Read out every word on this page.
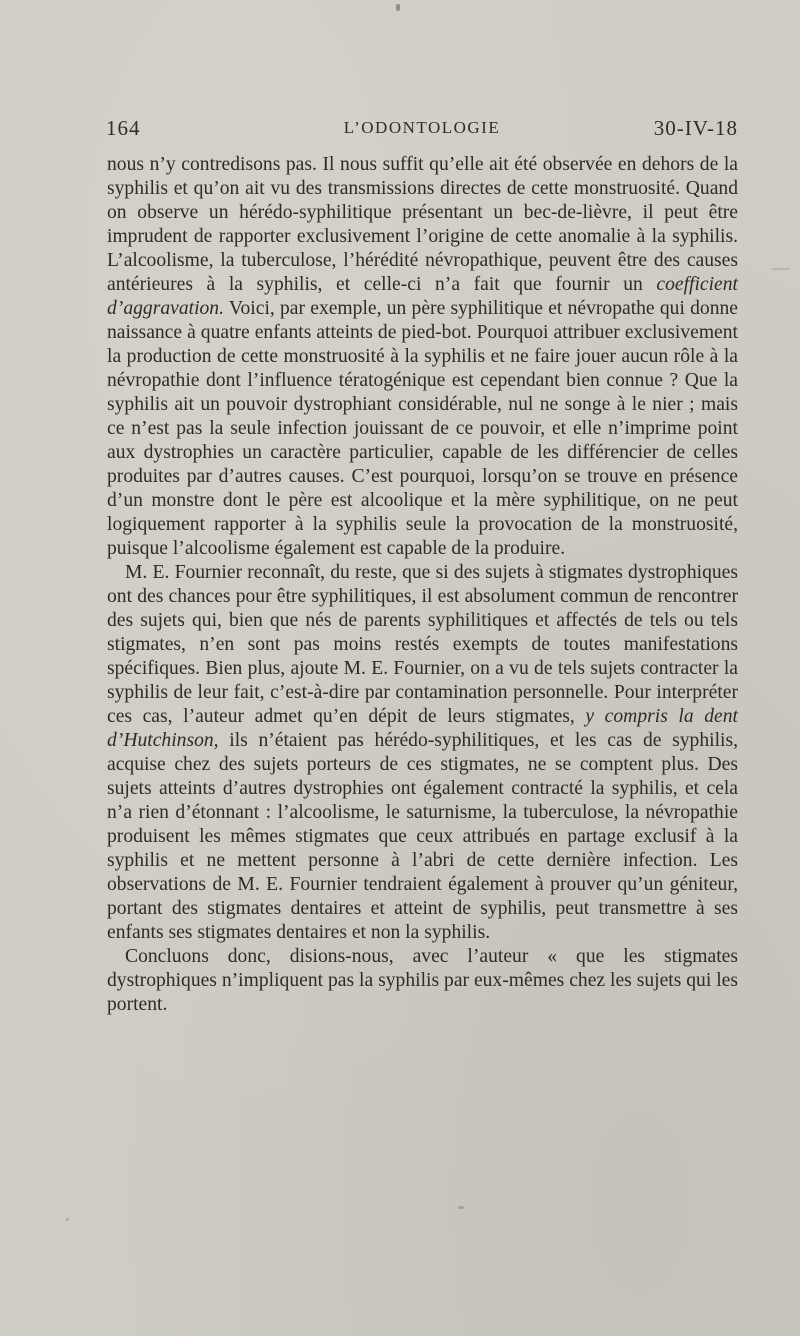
164	L’ODONTOLOGIE	30-IV-18

nous n’y contredisons pas. Il nous suffit qu’elle ait été observée en dehors de la syphilis et qu’on ait vu des transmissions directes de cette monstruosité. Quand on observe un hérédo-syphilitique présentant un bec-de-lièvre, il peut être imprudent de rapporter exclusivement l’origine de cette anomalie à la syphilis. L’alcoolisme, la tuberculose, l’hérédité névropathique, peuvent être des causes antérieures à la syphilis, et celle-ci n’a fait que fournir un coefficient d’aggravation. Voici, par exemple, un père syphilitique et névropathe qui donne naissance à quatre enfants atteints de pied-bot. Pourquoi attribuer exclusivement la production de cette monstruosité à la syphilis et ne faire jouer aucun rôle à la névropathie dont l’influence tératogénique est cependant bien connue ? Que la syphilis ait un pouvoir dystrophiant considérable, nul ne songe à le nier ; mais ce n’est pas la seule infection jouissant de ce pouvoir, et elle n’imprime point aux dystrophies un caractère particulier, capable de les différencier de celles produites par d’autres causes. C’est pourquoi, lorsqu’on se trouve en présence d’un monstre dont le père est alcoolique et la mère syphilitique, on ne peut logiquement rapporter à la syphilis seule la provocation de la monstruosité, puisque l’alcoolisme également est capable de la produire.

M. E. Fournier reconnaît, du reste, que si des sujets à stigmates dystrophiques ont des chances pour être syphilitiques, il est absolument commun de rencontrer des sujets qui, bien que nés de parents syphilitiques et affectés de tels ou tels stigmates, n’en sont pas moins restés exempts de toutes manifestations spécifiques. Bien plus, ajoute M. E. Fournier, on a vu de tels sujets contracter la syphilis de leur fait, c’est-à-dire par contamination personnelle. Pour interpréter ces cas, l’auteur admet qu’en dépit de leurs stigmates, y compris la dent d’Hutchinson, ils n’étaient pas hérédo-syphilitiques, et les cas de syphilis, acquise chez des sujets porteurs de ces stigmates, ne se comptent plus. Des sujets atteints d’autres dystrophies ont également contracté la syphilis, et cela n’a rien d’étonnant : l’alcoolisme, le saturnisme, la tuberculose, la névropathie produisent les mêmes stigmates que ceux attribués en partage exclusif à la syphilis et ne mettent personne à l’abri de cette dernière infection. Les observations de M. E. Fournier tendraient également à prouver qu’un géniteur, portant des stigmates dentaires et atteint de syphilis, peut transmettre à ses enfants ses stigmates dentaires et non la syphilis.

Concluons donc, disions-nous, avec l’auteur « que les stigmates dystrophiques n’impliquent pas la syphilis par eux-mêmes chez les sujets qui les portent.
